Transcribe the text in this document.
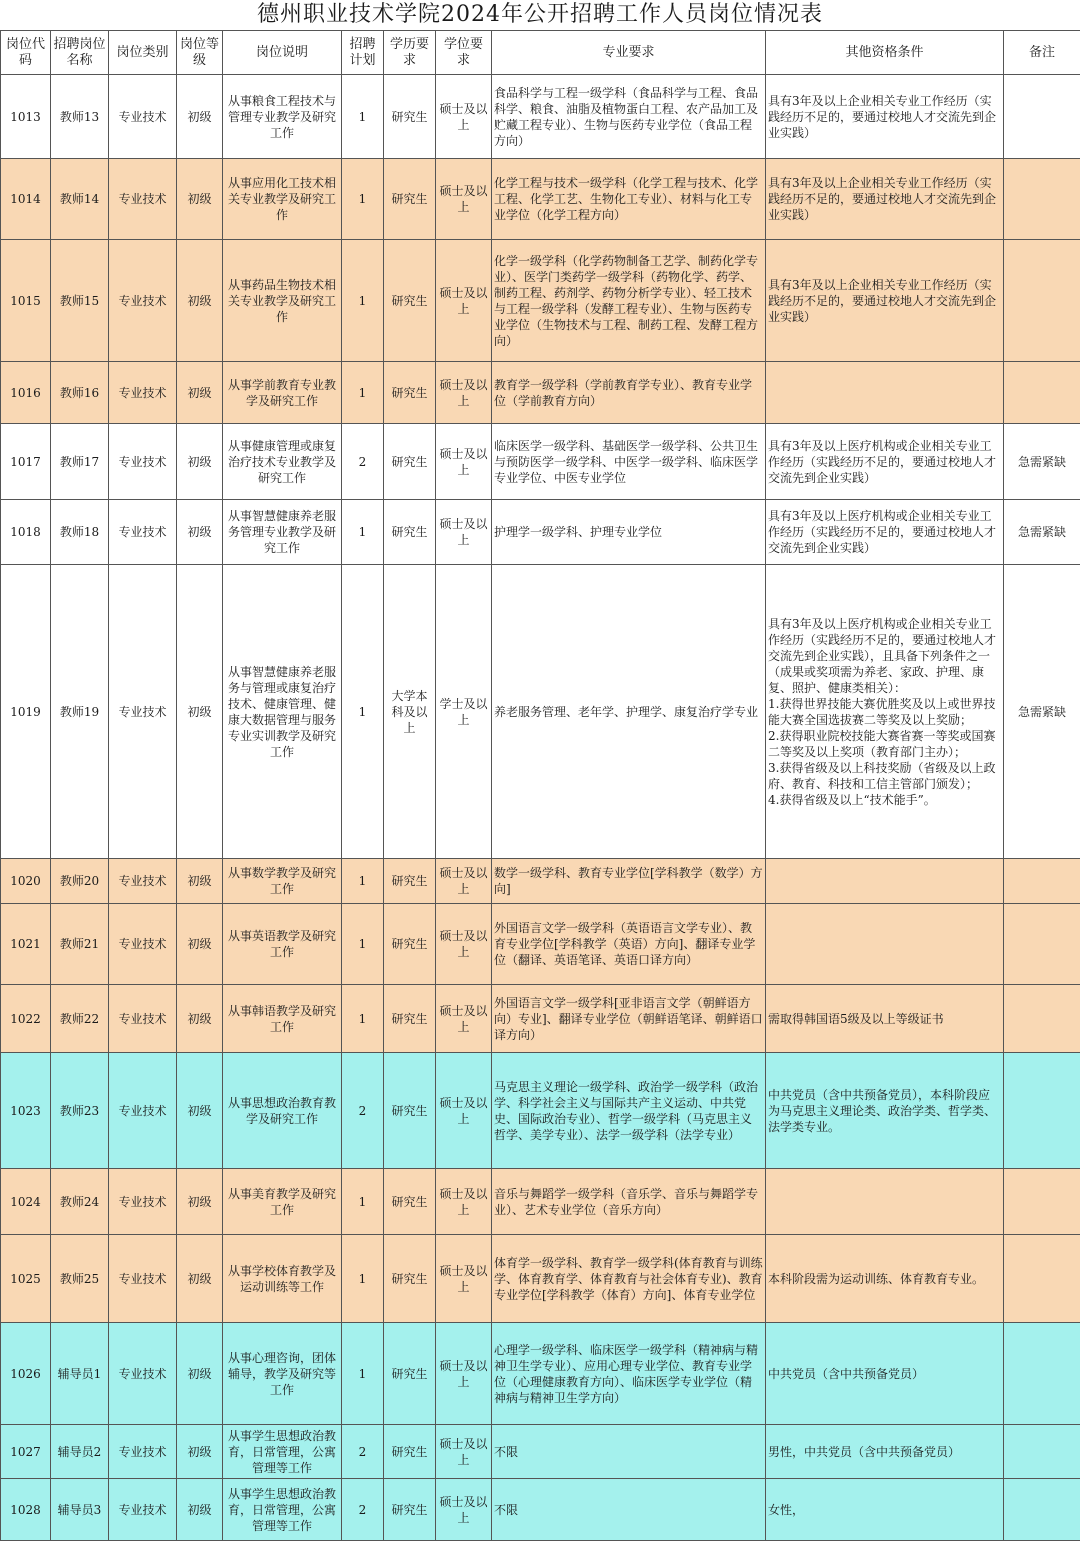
德州职业技术学院2024年公开招聘工作人员岗位情况表
岗位代码	招聘岗位名称	岗位类别	岗位等级	岗位说明	招聘计划	学历要求	学位要求	专业要求	其他资格条件	备注
1013	教师13	专业技术	初级	从事粮食工程技术与管理专业教学及研究工作	1	研究生	硕士及以上	食品科学与工程一级学科（食品科学与工程、食品科学、粮食、油脂及植物蛋白工程、农产品加工及贮藏工程专业）、生物与医药专业学位（食品工程方向）	具有3年及以上企业相关专业工作经历（实践经历不足的，要通过校地人才交流先到企业实践）	
1014	教师14	专业技术	初级	从事应用化工技术相关专业教学及研究工作	1	研究生	硕士及以上	化学工程与技术一级学科（化学工程与技术、化学工程、化学工艺、生物化工专业）、材料与化工专业学位（化学工程方向）	具有3年及以上企业相关专业工作经历（实践经历不足的，要通过校地人才交流先到企业实践）	
1015	教师15	专业技术	初级	从事药品生物技术相关专业教学及研究工作	1	研究生	硕士及以上	化学一级学科（化学药物制备工艺学、制药化学专业）、医学门类药学一级学科（药物化学、药学、制药工程、药剂学、药物分析学专业）、轻工技术与工程一级学科（发酵工程专业）、生物与医药专业学位（生物技术与工程、制药工程、发酵工程方向）	具有3年及以上企业相关专业工作经历（实践经历不足的，要通过校地人才交流先到企业实践）	
1016	教师16	专业技术	初级	从事学前教育专业教学及研究工作	1	研究生	硕士及以上	教育学一级学科（学前教育学专业）、教育专业学位（学前教育方向）		
1017	教师17	专业技术	初级	从事健康管理或康复治疗技术专业教学及研究工作	2	研究生	硕士及以上	临床医学一级学科、基础医学一级学科、公共卫生与预防医学一级学科、中医学一级学科、临床医学专业学位、中医专业学位	具有3年及以上医疗机构或企业相关专业工作经历（实践经历不足的，要通过校地人才交流先到企业实践）	急需紧缺
1018	教师18	专业技术	初级	从事智慧健康养老服务管理专业教学及研究工作	1	研究生	硕士及以上	护理学一级学科、护理专业学位	具有3年及以上医疗机构或企业相关专业工作经历（实践经历不足的，要通过校地人才交流先到企业实践）	急需紧缺
1019	教师19	专业技术	初级	从事智慧健康养老服务与管理或康复治疗技术、健康管理、健康大数据管理与服务专业实训教学及研究工作	1	大学本科及以上	学士及以上	养老服务管理、老年学、护理学、康复治疗学专业	具有3年及以上医疗机构或企业相关专业工作经历（实践经历不足的，要通过校地人才交流先到企业实践），且具备下列条件之一（成果或奖项需为养老、家政、护理、康复、照护、健康类相关）：
1.获得世界技能大赛优胜奖及以上或世界技能大赛全国选拔赛二等奖及以上奖励；
2.获得职业院校技能大赛省赛一等奖或国赛二等奖及以上奖项（教育部门主办）；
3.获得省级及以上科技奖励（省级及以上政府、教育、科技和工信主管部门颁发）；
4.获得省级及以上“技术能手”。	急需紧缺
1020	教师20	专业技术	初级	从事数学教学及研究工作	1	研究生	硕士及以上	数学一级学科、教育专业学位[学科教学（数学）方向]		
1021	教师21	专业技术	初级	从事英语教学及研究工作	1	研究生	硕士及以上	外国语言文学一级学科（英语语言文学专业）、教育专业学位[学科教学（英语）方向]、翻译专业学位（翻译、英语笔译、英语口译方向）		
1022	教师22	专业技术	初级	从事韩语教学及研究工作	1	研究生	硕士及以上	外国语言文学一级学科[亚非语言文学（朝鲜语方向）专业]、翻译专业学位（朝鲜语笔译、朝鲜语口译方向）	需取得韩国语5级及以上等级证书	
1023	教师23	专业技术	初级	从事思想政治教育教学及研究工作	2	研究生	硕士及以上	马克思主义理论一级学科、政治学一级学科（政治学、科学社会主义与国际共产主义运动、中共党史、国际政治专业）、哲学一级学科（马克思主义哲学、美学专业）、法学一级学科（法学专业）	中共党员（含中共预备党员），本科阶段应为马克思主义理论类、政治学类、哲学类、法学类专业。	
1024	教师24	专业技术	初级	从事美育教学及研究工作	1	研究生	硕士及以上	音乐与舞蹈学一级学科（音乐学、音乐与舞蹈学专业）、艺术专业学位（音乐方向）		
1025	教师25	专业技术	初级	从事学校体育教学及运动训练等工作	1	研究生	硕士及以上	体育学一级学科、教育学一级学科(体育教育与训练学、体育教育学、体育教育与社会体育专业)、教育专业学位[学科教学（体育）方向]、体育专业学位	本科阶段需为运动训练、体育教育专业。	
1026	辅导员1	专业技术	初级	从事心理咨询，团体辅导，教学及研究等工作	1	研究生	硕士及以上	心理学一级学科、临床医学一级学科（精神病与精神卫生学专业）、应用心理专业学位、教育专业学位（心理健康教育方向）、临床医学专业学位（精神病与精神卫生学方向）	中共党员（含中共预备党员）	
1027	辅导员2	专业技术	初级	从事学生思想政治教育，日常管理，公寓管理等工作	2	研究生	硕士及以上	不限	男性，中共党员（含中共预备党员）	
1028	辅导员3	专业技术	初级	从事学生思想政治教育，日常管理，公寓管理等工作	2	研究生	硕士及以上	不限	女性，	
